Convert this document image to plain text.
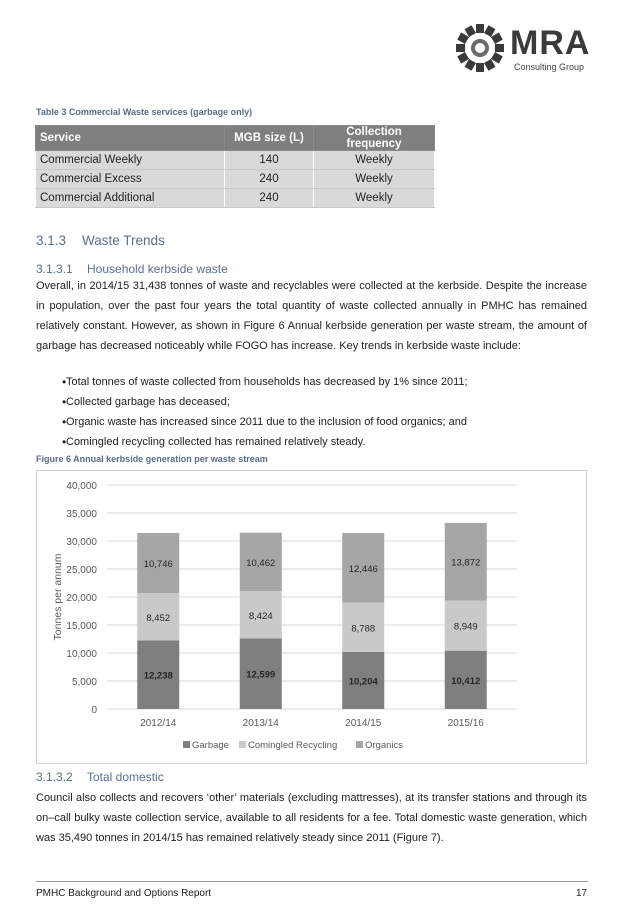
MRA
Consulting Group
Table 3 Commercial Waste services (garbage only)
Service	MGB size (L)	Collection frequency
Commercial Weekly	140	Weekly
Commercial Excess	240	Weekly
Commercial Additional	240	Weekly
3.1.3 Waste Trends
3.1.3.1 Household kerbside waste
Overall, in 2014/15 31,438 tonnes of waste and recyclables were collected at the kerbside. Despite the increase in population, over the past four years the total quantity of waste collected annually in PMHC has remained relatively constant. However, as shown in Figure 6 Annual kerbside generation per waste stream, the amount of garbage has decreased noticeably while FOGO has increase. Key trends in kerbside waste include:
• Total tonnes of waste collected from households has decreased by 1% since 2011;
• Collected garbage has deceased;
• Organic waste has increased since 2011 due to the inclusion of food organics; and
• Comingled recycling collected has remained relatively steady.
Figure 6 Annual kerbside generation per waste stream
0
5,000
10,000
15,000
20,000
25,000
30,000
35,000
40,000
Tonnes per annum
12,238
8,452
10,746
2012/14
12,599
8,424
10,462
2013/14
10,204
8,788
12,446
2014/15
10,412
8,949
13,872
2015/16
Garbage Comingled Recycling	Organics
3.1.3.2 Total domestic
Council also collects and recovers ‘other’ materials (excluding mattresses), at its transfer stations and through its on–call bulky waste collection service, available to all residents for a fee. Total domestic waste generation, which was 35,490 tonnes in 2014/15 has remained relatively steady since 2011 (Figure 7).
PMHC Background and Options Report	17
